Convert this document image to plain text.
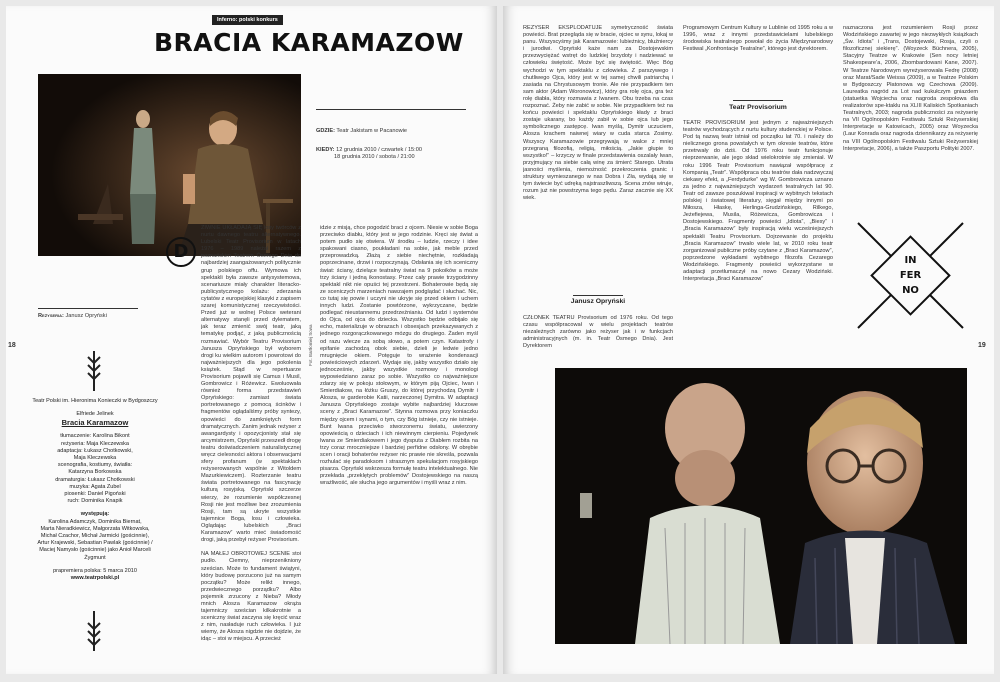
Inferno: polski konkurs
BRACIA KARAMAZOW
GDZIE: Teatr Jakistam w Pacanowie
KIEDY: 12 grudnia 2010 / czwartek / 15:00
18 grudnia 2010 / sobota / 21:00
Reżyseria: Janusz Opryński
18
Teatr Polski im. Hieronima Konieczki w Bydgoszczy
Elfriede Jelinek
Bracia Karamazow
tłumaczenie: Karolina Bikont
reżyseria: Maja Kleczewska
adaptacja: Łukasz Chotkowski,
Maja Kleczewska
scenografia, kostiumy, światła:
Katarzyna Borkowska
dramaturgia: Łukasz Chotkowski
muzyka: Agata Zubel
piosenki: Daniel Pigoński
ruch: Dominika Knapik
występują:
Karolina Adamczyk, Dominika Biernat,
Marta Nieradkiewicz, Małgorzata Witkowska,
Michał Czachor, Michał Jarmicki (gościnnie),
Artur Krajewski, Sebastian Pawlak (gościnnie) /
Maciej Namysło (gościnnie) jako Anioł Marceli
Żygmunt
prapremiera polska: 5 marca 2010
www.teatrpolski.pl
D
ZIWNIE UKŁADAJĄ SIĘ losy twórców z nurtu dawnego teatru alternatywnego. Lubelski Teatr Provisorium w latach 1976 – 1989 należał razem z poznańskim Teatrem Ósmego Dnia do najbardziej zaangażowanych politycznie grup polskiego offu. Wymowa ich spektakli była zawsze antysystemowa, scenariusze miały charakter literacko-publicystycznego kolażu: zderzania cytatów z europejskiej klasyki z zapisem szarej komunistycznej rzeczywistości. Przed już w wolnej Polsce weterani alternatywy stanęli przed dylematem, jak teraz zmienić swój teatr, jaką tematykę podjąć, z jaką publicznością rozmawiać. Wybór Teatru Provisorium Janusza Opryńskiego był wyborem drogi ku wielkim autorom i powrotowi do najważniejszych dla jego pokolenia książek. Stąd w repertuarze Provisorium pojawili się Camus i Musil, Gombrowicz i Różewicz. Ewoluowała również forma przedstawień Opryńskiego: zamiast świata portretowanego z pomocą ścinków i fragmentów oglądaliśmy próby syntezy, opowieści do zamkniętych form dramatycznych. Zanim jednak reżyser z awangardysty i opozycjonisty stał się arcymistrzem, Opryński przeszedł drogę teatru doświadczeniem naturalistycznej wręcz cielesności aktora i obserwacjami sfery profanum (w spektaklach reżyserowanych wspólnie z Witoldem Mazurkiewiczem). Rozterzanie teatru świata portretowanego na fascynację kulturą rosyjską. Opryński szczerze wierzy, że rozumienie współczesnej Rosji nie jest możliwe bez zrozumienia Rosji, tam są ukryte wszystkie tajemnice Boga, losu i człowieka. Oglądając lubelskich „Braci Karamazow” warto mieć świadomość drogi, jaką przebył reżyser Provisorium.

NA MAŁEJ OBROTOWEJ SCENIE stoi pudło. Ciemny, nieprzenikniony sześcian. Może to fundament świątyni, który budowę porzucono już na samym początku? Może relikt innego, przedwiecznego porządku? Albo pojemnik zrzucony z Nieba? Młody mnich Alosza Karamazow okrąża tajemniczy sześcian kilkakrotnie a sceniczny świat zaczyna się kręcić wraz z nim, nasładuje ruch człowieka. I już wiemy, że Alosza nigdzie nie dojdzie, że idąc – stoi w miejscu. A przecież
Fot. Bartłomiej Sowa
idzie z misją, chce pogodzić braci z ojcem. Niesie w sobie Boga przeciwko diabłu, który jest w jego rodzinie. Kręci się świat a potem pudło się otwiera. W środku – ludzie, rzeczy i idee spakowani ciasno, poukładani na sobie, jak meble przed przeprowadzką. Złażą z siebie niechętnie, rozkładają poprzecinane, drzwi i rozpoczynają. Odsłania się ich sceniczny świat: ściany, dzielące teatralny świat na 9 pokoików a może trzy ściany i jedną ikonostasy. Przez cały prawie trzygodzinny spektakl nikt nie opuści tej przestrzeni. Bohaterowie będą się ze sceniczych marzeniach nawzajem podglądać i słuchać. Nic, co tutaj się powie i uczyni nie ukryje się przed okiem i uchem innych ludzi. Zostanie powtórzone, wykrzyczane, będzie podlegać nieustannemu przedrzeźnianiu. Od ludzi i systemów do Ojca, od ojca do dziecka. Wszystko będzie odbijało się echo, materializuje w obrazach i obsesjach przekazywanych z jednego rozgorączkowanego mózgu do drugiego. Żaden myśl od razu wlecze za sobą słowo, a potem czyn. Katastrofy i epifanie zachodzą obok siebie, dzieli je ledwie jedno mrugnięcie okiem. Potęguje to wrażenie kondensacji powieściowych zdarzeń. Wydaje się, jakby wszystko działo się jednocześnie, jakby wszystkie rozmowy i monologi wypowiedziano zaraz po sobie. Wszystko co najważniejsze zdarzy się w pokoju stołowym, w którym piją Ojciec, Iwan i Smierdiakow, na łóżku Gruszy, do której przychodzą Dymitr i Alosza, w garderobie Katii, narzeczonej Dymitra. W adaptacji Janusza Opryńskiego zostaje wybite najbardziej kluczowe sceny z „Braci Karamazow”. Stynna rozmowa przy koniaczku między ojcem i synami, o tym, czy Bóg istnieje, czy nie istnieje. Bunt Iwana przeciwko stworzonemu światu, uwierzony opowieścią o dzieciach i ich niewinnym cierpieniu. Pojedynek Iwana ze Smierdiakowem i jego dysputa z Diabłem rozbita na trzy coraz mroczniejsze i bardziej perfidne odsłony. W obrębie scen i oracji bohaterów reżyser nic prawie nie skreśla, pozwala rozhulać się paradoksom i strasznym spekulacjom rosyjskiego pisarza. Opryński wskrzesza formułę teatru intelektualnego. Nie przekłada „przeklętych problemów” Dostojewskiego na naszą wrażliwość, ale słucha jego argumentów i myśli wraz z nim.
REŻYSER EKSPLODATUJE symetryczność świata powieści. Brat przegląda się w bracie, ojciec w synu, lokaj w panu. Wszyscyśmy jak Karamazowie: lubieżnicy, bluźniercy i jurodiwi. Opryński każe nam za Dostojewskim przezwyciężać wstręt do ludzkiej brzydoty i nadziewać w człowieku świętość. Może być się świętość. Więc Bóg wychodzi w tym spektaklu z człowieka. Z parszywego i chutliwego Ojca, który jest w tej samej chwili patriarchą i zasiada na Chrystusowym tronie. Ale nie przypadkiem ten sam aktor (Adam Woronowicz), który gra rolę ojca, gra też rolę diabła, który rozmawia z Iwanem. Obu trzeba na czas rozpoznać. Żeby nie zabić w sobie. Nie przypadkiem też na końcu powieści i spektaklu Opryńskiego kłady z braci zostaje ukarany, bo każdy zabił w sobie ojca lub jego symbolicznego zastępcę. Iwan myślą, Dymitr uczuciem, Alosza krachem naiwnej wiary w cuda starca Zosimy. Wszyscy Karamazowie przegrywają w walce z mniej przegraną filozofią, religią, miłością. „Jakie głupie to wszystko!” – krzyczy w finale przedstawienia oszalały Iwan, przyjmujący na siebie całą winę za śmierć Starego. Utrata jasności myślenia, niemożność przekroczenia granic i struktury wymieszanego w nas Dobra i Zła, wydają się w tym świecie być udręką najstraszliwszą. Scena znów wiruje, rozum już nie powstrzyma tego pędu. Zaraz zacznie się XX wiek.
Janusz Opryński
CZŁONEK TEATRU Provisorium od 1976 roku. Od tego czasu współpracował w wielu projektach teatrów niezależnych zarówno jako reżyser jak i w funkcjach administracyjnych (m. in. Teatr Ósmego Dnia). Jest Dyrektorem
Programowym Centrum Kultury w Lublinie od 1995 roku a w 1996, wraz z innymi przedstawicielami lubelskiego środowiska teatralnego powołał do życia Międzynarodowy Festiwal „Konfrontacje Teatralne”, którego jest dyrektorem.
Teatr Provisorium
TEATR PROVISORIUM jest jednym z najważniejszych teatrów wychodzących z nurtu kultury studenckiej w Polsce. Pod tą nazwą teatr istniał od początku lat 70. i należy do nielicznego grona powstałych w tym okresie teatrów, które przetrwały do dziś. Od 1976 roku teatr funkcjonuje nieprzerwanie, ale jego skład wielokrotnie się zmieniał. W roku 1996 Teatr Provisorium nawiązał współpracę z Kompanią „Teatr”. Współpraca obu teatrów dała nadzwyczaj ciekawy efekt, a „Ferdydurke” wg W. Gombrowicza uznano za jedno z najważniejszych wydarzeń teatralnych lat 90. Teatr od zawsze poszukiwał inspiracji w wybitnych tekstach polskiej i światowej literatury, sięgał między innymi po Miłosza, Hłaskę, Herlinga-Grudzińskiego, Rilkego, Jeżefiejewa, Musila, Różewicza, Gombrowicza i Dostojewskiego. Fragmenty powieści „Idiota”, „Biesy” i „Bracia Karamazow” były inspiracją wielu wcześniejszych spektakli Teatru Provisorium. Dojrzewanie do projektu „Bracia Karamazow” trwało wiele lat, w 2010 roku teatr zorganizował publiczne próby czytane z „Braci Karamazow”, poprzedzone wykładami wybitnego filozofa Cezarego Wodzińskiego. Fragmenty powieści wykorzystane w adaptacji przetłumaczył na nowo Cezary Wodziński. Interpretacja „Braci Karamazow”
naznaczona jest rozumieniem Rosji przez Wodzińskiego zawartej w jego niezwykłych książkach „Św. Idiota” i „Trans, Dostojewski, Rosja, czyli o filozoficznej siekierę”. (Woyzeck Büchnera, 2005), Stacyjny Teatrze w Krakowie (Sen nocy letniej Shakespeare’a, 2006, Zbombardowani Kane, 2007). W Teatrze Narodowym wyreżyserowała Fedrę (2008) oraz Marat/Sade Weissa (2009), a w Teatrze Polskim w Bydgoszczy Płatonowa wg Czechowa (2009). Laureatka nagród za Lot nad kukułczym gniazdem (statuetka Wojciecha oraz nagroda zespołowa dla realizatorów spe-ktaklu na XLIII Kaliskich Spotkaniach Teatralnych, 2003; nagroda publiczności za reżyserię na VII Ogólnopolskim Festiwalu Sztuki Reżyserskiej Interpretacje w Katowicach, 2005) oraz Woyzecka (Laur Konrada oraz nagroda dziennikarzy za reżyserię na VIII Ogólnopolskim Festiwalu Sztuki Reżyserskiej Interpretacje, 2006), a także Paszportu Polityki 2007.
IN
FER
NO
19
